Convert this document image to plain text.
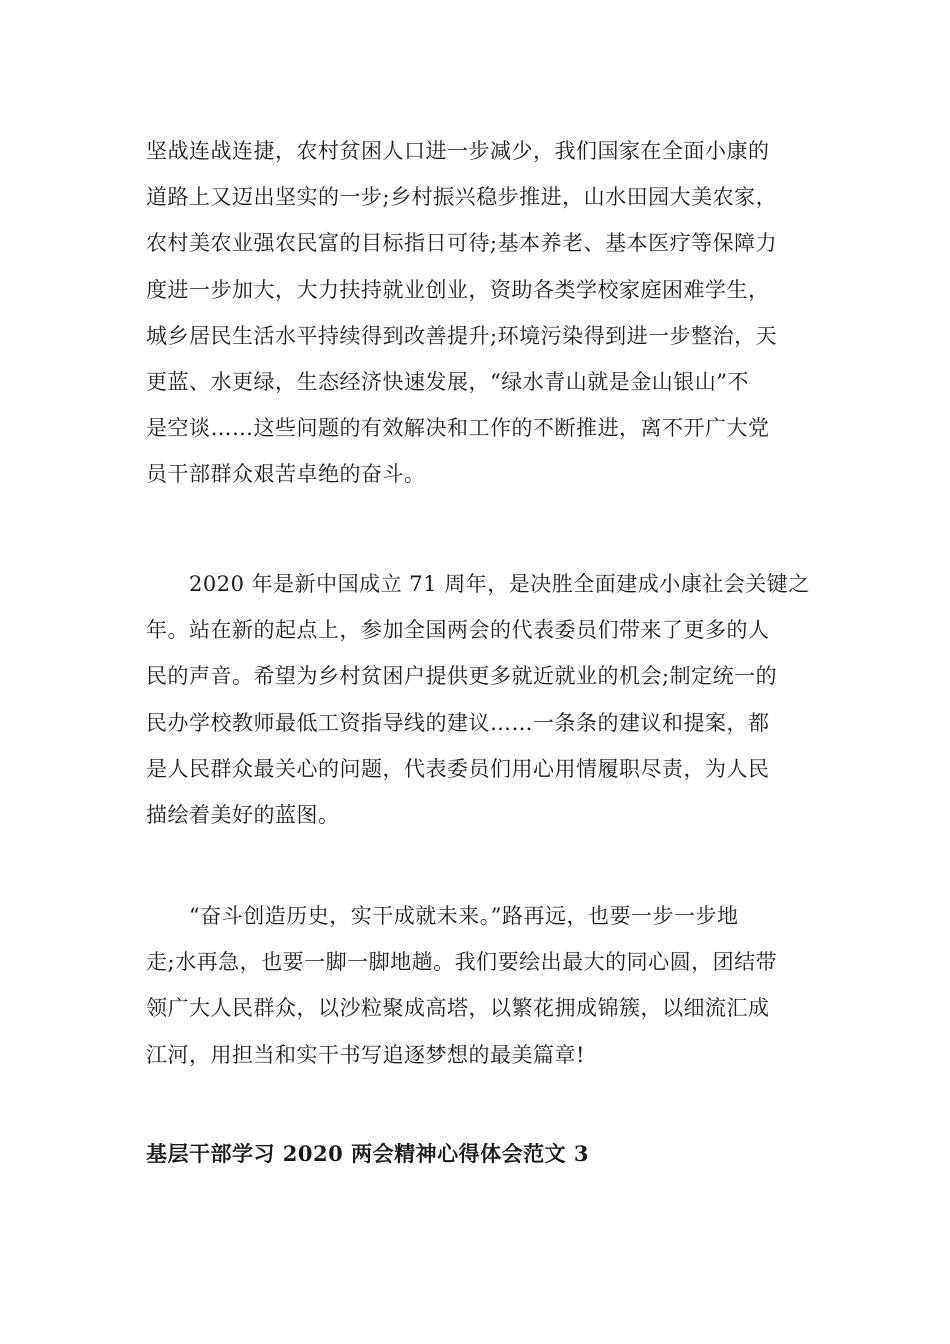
坚战连战连捷，农村贫困人口进一步减少，我们国家在全面小康的
道路上又迈出坚实的一步;乡村振兴稳步推进，山水田园大美农家，
农村美农业强农民富的目标指日可待;基本养老、基本医疗等保障力
度进一步加大，大力扶持就业创业，资助各类学校家庭困难学生，
城乡居民生活水平持续得到改善提升;环境污染得到进一步整治，天
更蓝、水更绿，生态经济快速发展，“绿水青山就是金山银山”不
是空谈……这些问题的有效解决和工作的不断推进，离不开广大党
员干部群众艰苦卓绝的奋斗。

　　2020 年是新中国成立 71 周年，是决胜全面建成小康社会关键之
年。站在新的起点上，参加全国两会的代表委员们带来了更多的人
民的声音。希望为乡村贫困户提供更多就近就业的机会;制定统一的
民办学校教师最低工资指导线的建议……一条条的建议和提案，都
是人民群众最关心的问题，代表委员们用心用情履职尽责，为人民
描绘着美好的蓝图。

　　“奋斗创造历史，实干成就未来。”路再远，也要一步一步地
走;水再急，也要一脚一脚地趟。我们要绘出最大的同心圆，团结带
领广大人民群众，以沙粒聚成高塔，以繁花拥成锦簇，以细流汇成
江河，用担当和实干书写追逐梦想的最美篇章!

基层干部学习 2020 两会精神心得体会范文 3
